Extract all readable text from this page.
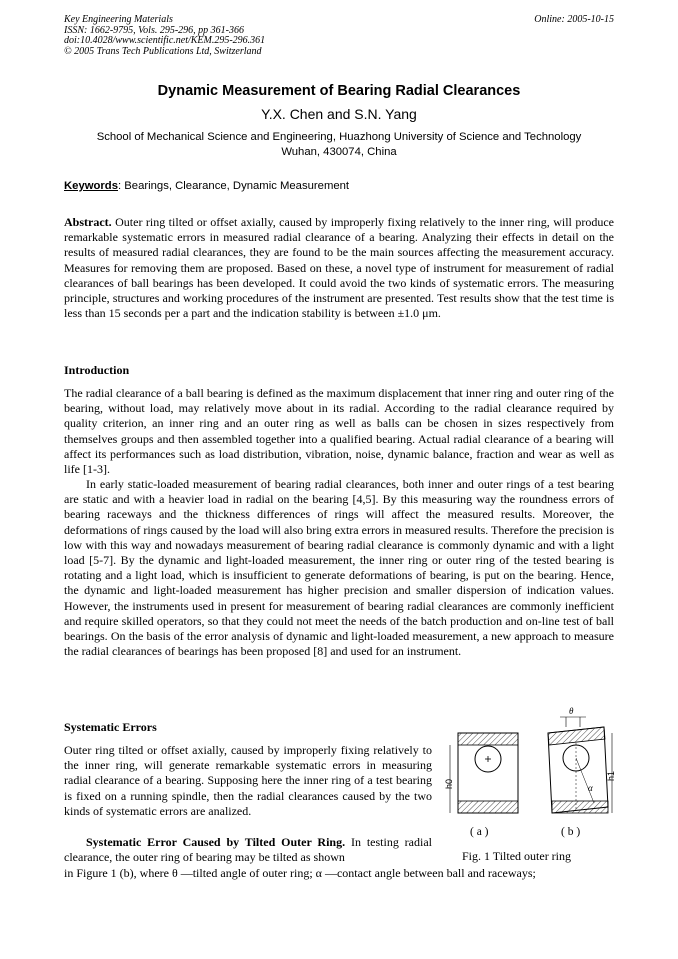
Key Engineering Materials
ISSN: 1662-9795, Vols. 295-296, pp 361-366
doi:10.4028/www.scientific.net/KEM.295-296.361
© 2005 Trans Tech Publications Ltd, Switzerland
Online: 2005-10-15
Dynamic Measurement of Bearing Radial Clearances
Y.X. Chen and S.N. Yang
School of Mechanical Science and Engineering, Huazhong University of Science and Technology
Wuhan, 430074, China
Keywords: Bearings, Clearance, Dynamic Measurement

Abstract. Outer ring tilted or offset axially, caused by improperly fixing relatively to the inner ring, will produce remarkable systematic errors in measured radial clearance of a bearing. Analyzing their effects in detail on the results of measured radial clearances, they are found to be the main sources affecting the measurement accuracy. Measures for removing them are proposed. Based on these, a novel type of instrument for measurement of radial clearances of ball bearings has been developed. It could avoid the two kinds of systematic errors. The measuring principle, structures and working procedures of the instrument are presented. Test results show that the test time is less than 15 seconds per a part and the indication stability is between ±1.0 μm.

Introduction

The radial clearance of a ball bearing is defined as the maximum displacement that inner ring and outer ring of the bearing, without load, may relatively move about in its radial. According to the radial clearance required by quality criterion, an inner ring and an outer ring as well as balls can be chosen in sizes respectively from themselves groups and then assembled together into a qualified bearing. Actual radial clearance of a bearing will affect its performances such as load distribution, vibration, noise, dynamic balance, fraction and wear as well as life [1-3].

In early static-loaded measurement of bearing radial clearances, both inner and outer rings of a test bearing are static and with a heavier load in radial on the bearing [4,5]. By this measuring way the roundness errors of bearing raceways and the thickness differences of rings will affect the measured results. Moreover, the deformations of rings caused by the load will also bring extra errors in measured results. Therefore the precision is low with this way and nowadays measurement of bearing radial clearance is commonly dynamic and with a light load [5-7]. By the dynamic and light-loaded measurement, the inner ring or outer ring of the tested bearing is rotating and a light load, which is insufficient to generate deformations of bearing, is put on the bearing. Hence, the dynamic and light-loaded measurement has higher precision and smaller dispersion of indication values. However, the instruments used in present for measurement of bearing radial clearances are commonly inefficient and require skilled operators, so that they could not meet the needs of the batch production and on-line test of ball bearings. On the basis of the error analysis of dynamic and light-loaded measurement, a new approach to measure the radial clearances of bearings has been proposed [8] and used for an instrument.

Systematic Errors

Outer ring tilted or offset axially, caused by improperly fixing relatively to the inner ring, will generate remarkable systematic errors in measuring radial clearance of a bearing. Supposing here the inner ring of a test bearing is fixed on a running spindle, then the radial clearances caused by the two kinds of systematic errors are analized.

Systematic Error Caused by Tilted Outer Ring. In testing radial clearance, the outer ring of bearing may be tilted as shown

in Figure 1 (b), where θ —tilted angle of outer ring; α —contact angle between ball and raceways;

h0	α
θ
h1
( a )	( b )
Fig. 1 Tilted outer ring
